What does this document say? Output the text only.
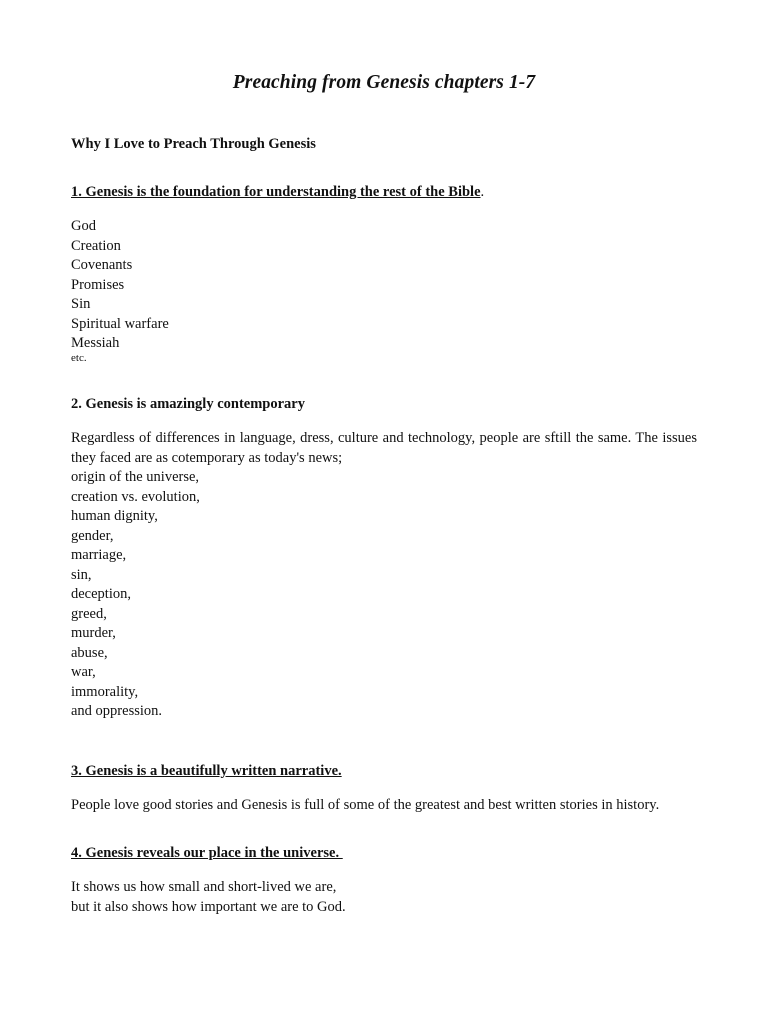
Preaching from Genesis chapters 1-7
Why I Love to Preach Through Genesis
1. Genesis is the foundation for understanding the rest of the Bible.
God
Creation
Covenants
Promises
Sin
Spiritual warfare
Messiah
etc.
2. Genesis is amazingly contemporary

Regardless of differences in language, dress, culture and technology, people are sftill the same. The issues they faced are as cotemporary as today's news;

origin of the universe,
creation vs. evolution,
human dignity,
gender,
marriage,
sin,
deception,
greed,
murder,
abuse,
war,
immorality,
and oppression.
3. Genesis is a beautifully written narrative.

People love good stories and Genesis is full of some of the greatest and best written stories in history.

4. Genesis reveals our place in the universe.

It shows us how small and short-lived we are,
but it also shows how important we are to God.
